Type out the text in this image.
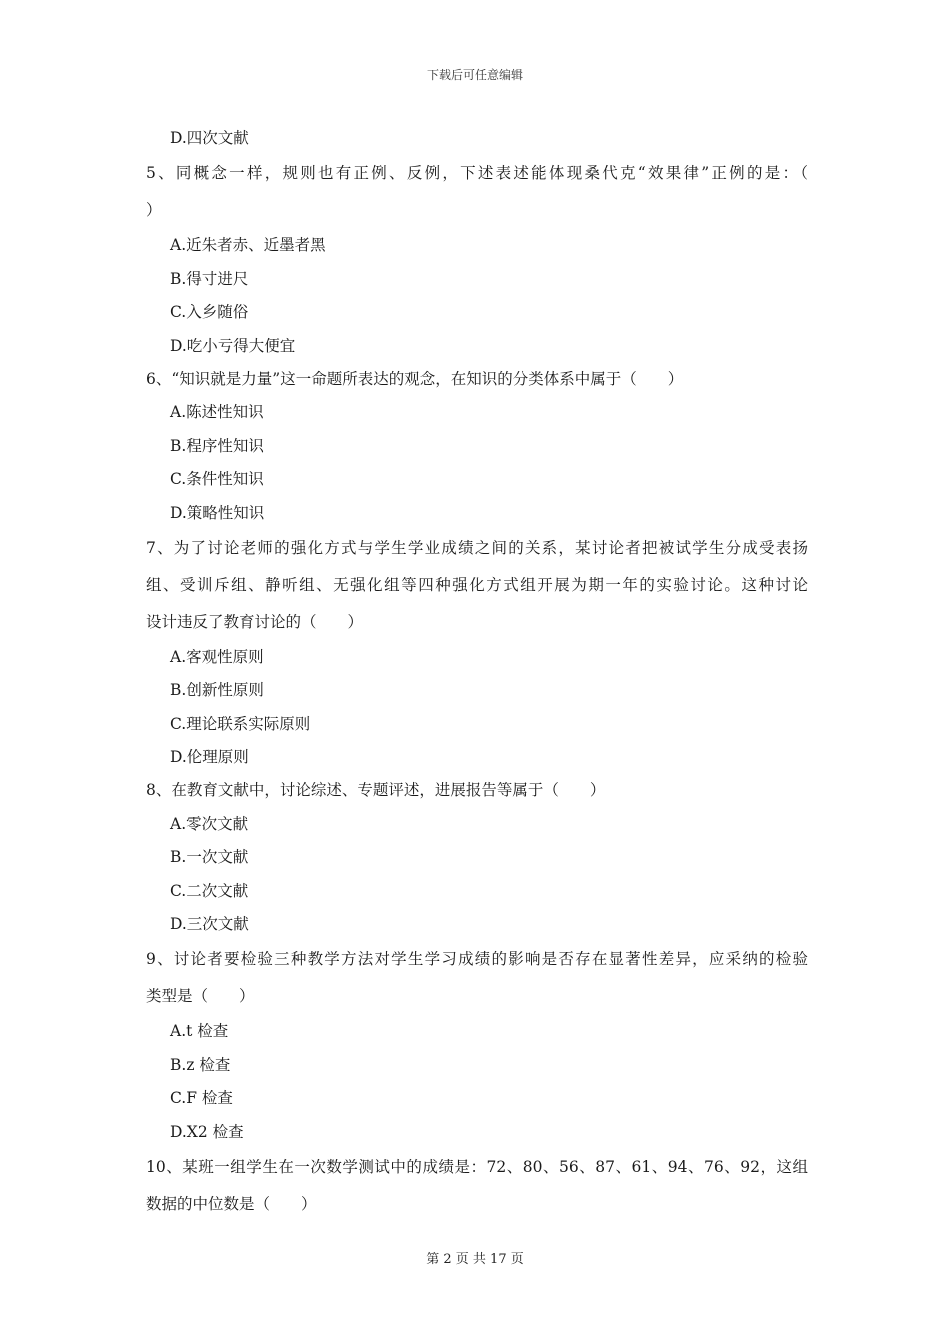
下载后可任意编辑
D.四次文献
5、同概念一样，规则也有正例、反例，下述表述能体现桑代克“效果律”正例的是：（
）
A.近朱者赤、近墨者黑
B.得寸进尺
C.入乡随俗
D.吃小亏得大便宜
6、“知识就是力量”这一命题所表达的观念，在知识的分类体系中属于（　　）
A.陈述性知识
B.程序性知识
C.条件性知识
D.策略性知识
7、为了讨论老师的强化方式与学生学业成绩之间的关系，某讨论者把被试学生分成受表扬
组、受训斥组、静听组、无强化组等四种强化方式组开展为期一年的实验讨论。这种讨论
设计违反了教育讨论的（　　）
A.客观性原则
B.创新性原则
C.理论联系实际原则
D.伦理原则
8、在教育文献中，讨论综述、专题评述，进展报告等属于（　　）
A.零次文献
B.一次文献
C.二次文献
D.三次文献
9、讨论者要检验三种教学方法对学生学习成绩的影响是否存在显著性差异，应采纳的检验
类型是（　　）
A.t 检查
B.z 检查
C.F 检查
D.X2 检查
10、某班一组学生在一次数学测试中的成绩是：72、80、56、87、61、94、76、92，这组
数据的中位数是（　　）
第 2 页 共 17 页
